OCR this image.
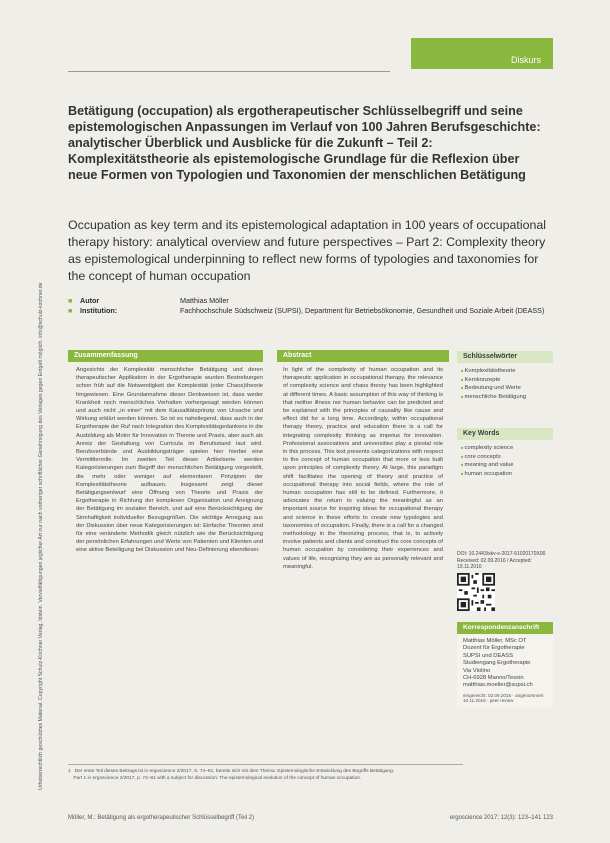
Urheberrechtlich geschütztes Material. Copyright Schulz-Kirchner Verlag, Idstein. Vervielfältigungen jeglicher Art nur nach vorheriger schriftlicher Genehmigung des Verlages gegen Entgelt möglich. info@schulz-kirchner.de
Diskurs
Betätigung (occupation) als ergotherapeutischer Schlüsselbegriff und seine epistemologischen Anpassungen im Verlauf von 100 Jahren Berufsgeschichte: analytischer Überblick und Ausblicke für die Zukunft – Teil 2: Komplexitätstheorie als epistemologische Grundlage für die Reflexion über neue Formen von Typologien und Taxonomien der menschlichen Betätigung

Occupation as key term and its epistemological adaptation in 100 years of occupational therapy history: analytical overview and future perspectives – Part 2: Complexity theory as epistemological underpinning to reflect new forms of typologies and taxonomies for the concept of human occupation

■	Autor	Matthias Möller
■	Institution:	Fachhochschule Südschweiz (SUPSI), Department für Betriebsökonomie, Gesundheit und Soziale Arbeit (DEASS)
Zusammenfassung
Angesichts der Komplexität menschlicher Betätigung und deren therapeutischer Applikation in der Ergotherapie wurden Bestrebungen schon früh auf die Notwendigkeit der Komplexität (oder Chaos)theorie hingewiesen. Eine Grundannahme dieser Denkweisen ist, dass weder Krankheit noch menschliches Verhalten vorhergesagt werden können und auch nicht „in einer“ mit dem Kausalitätsprinzip von Ursache und Wirkung erklärt werden können. So ist es naheliegend, dass auch in der Ergotherapie der Ruf nach Integration des Komplexitätsgedankens in die Ausbildung als Motor für Innovation in Theorie und Praxis, aber auch als Anreiz der Gestaltung von Curricula im Berufsstand laut wird. Berufsverbände und Ausbildungsträger spielen hier hierbei eine Vermittlerrolle. Im zweiten Teil dieser Artikelserie werden Kategorisierungen zum Begriff der menschlichen Betätigung vorgestellt, die mehr oder weniger auf elementaren Prinzipien der Komplexitätstheorie aufbauen. Insgesamt zeigt dieser Betätigungsentwurf eine Öffnung von Theorie und Praxis der Ergotherapie in Richtung der komplexen Organisation und Aneignung der Betätigung im sozialen Bereich, und auf eine Berücksichtigung der Sinnhaftigkeit individueller Bezugsgrößen. Die wichtige Anregung aus der Diskussion über neue Kategorisierungen ist: Einfache Theorien sind für eine veränderte Methodik gleich nützlich wie die Berücksichtigung der persönlichen Erfahrungen und Werte von Patienten und Klienten und eine aktive Beteiligung bei Diskussion und Neu-Definierung ebendieser.
Abstract
In light of the complexity of human occupation and its therapeutic application in occupational therapy, the relevance of complexity science and chaos theory has been highlighted at different times. A basic assumption of this way of thinking is that neither illness nor human behavior can be predicted and be explained with the principles of causality like cause and effect did for a long time. Accordingly, within occupational therapy theory, practice and education there is a call for integrating complexity thinking as impetus for innovation. Professional associations and universities play a pivotal role in this process. This text presents categorizations with respect to the concept of human occupation that more or less built upon principles of complexity theory. At large, this paradigm shift facilitates the opening of theory and practice of occupational therapy into social fields, where the role of human occupation has still to be defined. Furthermore, it advocates the return to valuing the meaningful as an important source for inspiring ideas for occupational therapy and science in these efforts to create new typologies and taxonomies of occupation. Finally, there is a call for a changed methodology in the theorizing process, that is, to actively involve patients and clients and construct the core concepts of human occupation by considering their experiences and values of life, recognizing they are as personally relevant and meaningful.
Schlüsselwörter
■ Komplexitätstheorie
■ Kernkonzepte
■ Bedeutung und Werte
■ menschliche Betätigung
Key Words
■ complexity science
■ core concepts
■ meaning and value
■ human occupation
DOI: 10.2443/skv-s-2017-51020170X00
Received: 02.09.2016 / Accepted: 10.11.2016
Korrespondenzanschrift
Matthias Möller, MSc OT
Dozent für Ergotherapie
SUPSI und DEASS
Studiengang Ergotherapie
Via Violino
CH-6928 Manno/Tessin
matthias.moeller@supsi.ch
eingereicht: 02.09.2016 · angenommen: 10.11.2016 · peer review

1   Der erste Teil dieses Beitrags ist in ergoscience 2/2017, S. 74–81, bereits sich mit dem Thema: Epistemologische Entwicklung des Begriffs Betätigung.

Part 1 in ergoscience 2/2017, p. 74–81 with a subject for discussion: The epistemological evolution of the concept of human occupation.

Möller, M.: Betätigung als ergotherapeutischer Schlüsselbegriff (Teil 2)	ergoscience 2017; 12(3): 123–141 123
